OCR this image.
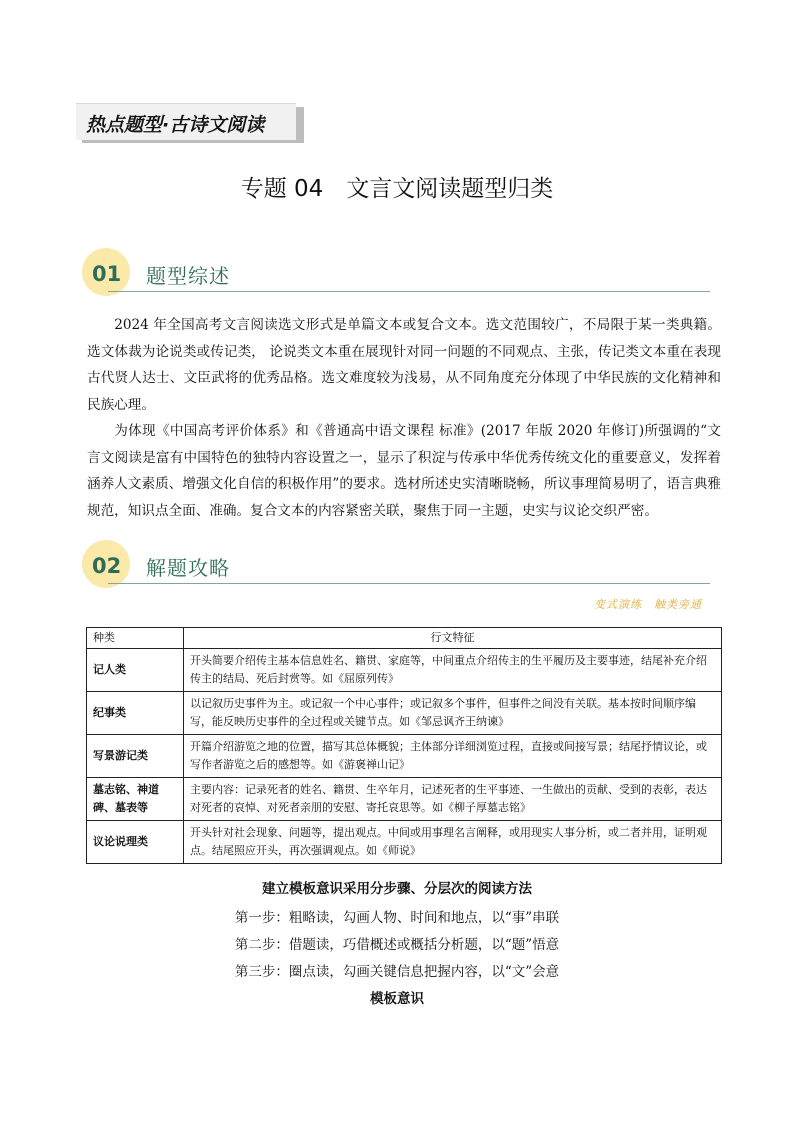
热点题型·古诗文阅读
专题 04　文言文阅读题型归类
01 题型综述

2024 年全国高考文言阅读选文形式是单篇文本或复合文本。选文范围较广，不局限于某一类典籍。选文体裁为论说类或传记类， 论说类文本重在展现针对同一问题的不同观点、主张，传记类文本重在表现古代贤人达士、文臣武将的优秀品格。选文难度较为浅易，从不同角度充分体现了中华民族的文化精神和民族心理。

为体现《中国高考评价体系》和《普通高中语文课程 标准》(2017 年版 2020 年修订)所强调的“文言文阅读是富有中国特色的独特内容设置之一，显示了积淀与传承中华优秀传统文化的重要意义，发挥着涵养人文素质、增强文化自信的积极作用”的要求。选材所述史实清晰晓畅，所议事理简易明了，语言典雅规范，知识点全面、准确。复合文本的内容紧密关联，聚焦于同一主题，史实与议论交织严密。

02 解题攻略
变式演练　触类旁通
种类	行文特征
记人类	开头简要介绍传主基本信息姓名、籍贯、家庭等，中间重点介绍传主的生平履历及主要事迹，结尾补充介绍传主的结局、死后封赏等。如《屈原列传》
纪事类	以记叙历史事件为主。或记叙一个中心事件；或记叙多个事件，但事件之间没有关联。基本按时间顺序编写，能反映历史事件的全过程或关键节点。如《邹忌讽齐王纳谏》
写景游记类	开篇介绍游览之地的位置，描写其总体概貌；主体部分详细浏览过程，直接或间接写景；结尾抒情议论，或写作者游览之后的感想等。如《游褒禅山记》
墓志铭、神道碑、墓表等	主要内容：记录死者的姓名、籍贯、生卒年月，记述死者的生平事迹、一生做出的贡献、受到的表彰，表达对死者的哀悼、对死者亲朋的安慰、寄托哀思等。如《柳子厚墓志铭》
议论说理类	开头针对社会现象、问题等，提出观点。中间或用事理名言阐释，或用现实人事分析，或二者并用，证明观点。结尾照应开头，再次强调观点。如《师说》

建立模板意识采用分步骤、分层次的阅读方法

第一步：粗略读，勾画人物、时间和地点，以“事”串联

第二步：借题读，巧借概述或概括分析题，以“题”悟意

第三步：圈点读，勾画关键信息把握内容，以“文”会意

模板意识
